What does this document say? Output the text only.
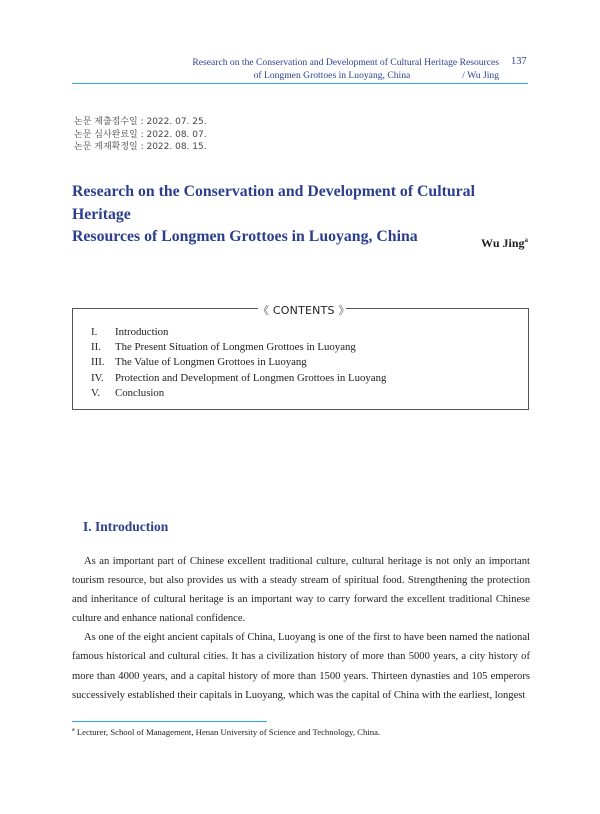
Research on the Conservation and Development of Cultural Heritage Resources
of Longmen Grottoes in Luoyang, China	/ Wu Jing
137
논문 제출접수일 : 2022. 07. 25.
논문 심사완료일 : 2022. 08. 07.
논문 게재확정일 : 2022. 08. 15.
Research on the Conservation and Development of Cultural Heritage
Resources of Longmen Grottoes in Luoyang, China	Wu Jing$^a$
《 CONTENTS 》
I. Introduction
II. The Present Situation of Longmen Grottoes in Luoyang
III. The Value of Longmen Grottoes in Luoyang
IV. Protection and Development of Longmen Grottoes in Luoyang
V. Conclusion
I. Introduction

As an important part of Chinese excellent traditional culture, cultural heritage is not only an important tourism resource, but also provides us with a steady stream of spiritual food. Strengthening the protection and inheritance of cultural heritage is an important way to carry forward the excellent traditional Chinese culture and enhance national confidence.

As one of the eight ancient capitals of China, Luoyang is one of the first to have been named the national famous historical and cultural cities. It has a civilization history of more than 5000 years, a city history of more than 4000 years, and a capital history of more than 1500 years. Thirteen dynasties and 105 emperors successively established their capitals in Luoyang, which was the capital of China with the earliest, longest

$^a$ Lecturer, School of Management, Henan University of Science and Technology, China.
